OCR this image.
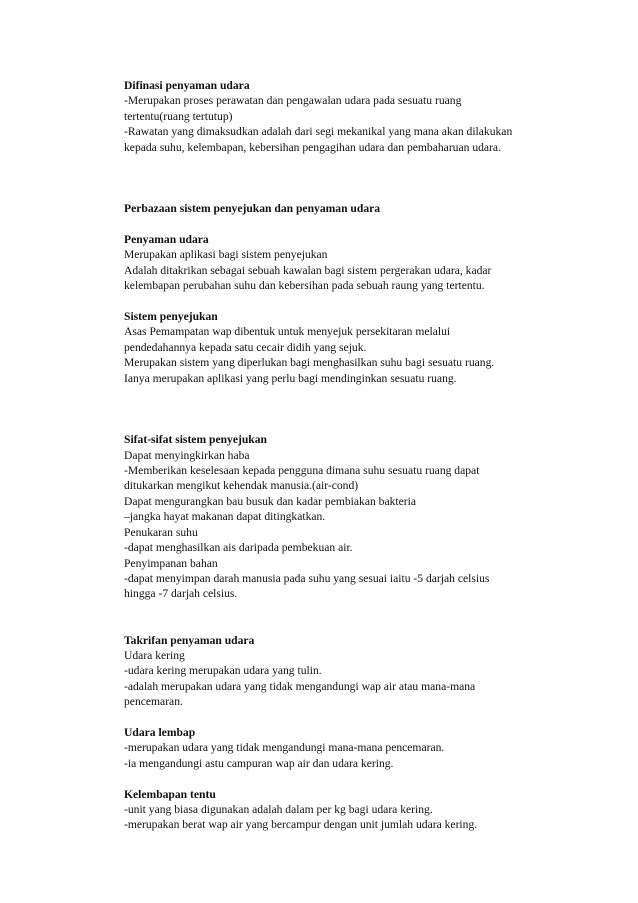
Difinasi penyaman udara

-Merupakan proses perawatan dan pengawalan udara pada sesuatu ruang

tertentu(ruang tertutup)

-Rawatan yang dimaksudkan adalah dari segi mekanikal yang mana akan dilakukan

kepada suhu, kelembapan, kebersihan pengagihan udara dan pembaharuan udara.

Perbazaan sistem penyejukan dan penyaman udara

Penyaman udara

Merupakan aplikasi bagi sistem penyejukan

Adalah ditakrikan sebagai sebuah kawalan bagi sistem pergerakan udara, kadar

kelembapan perubahan suhu dan kebersihan pada sebuah raung yang tertentu.

Sistem penyejukan

Asas Pemampatan wap dibentuk untuk menyejuk persekitaran melalui

pendedahannya kepada satu cecair didih yang sejuk.

Merupakan sistem yang diperlukan bagi menghasilkan suhu bagi sesuatu ruang.

Ianya merupakan aplikasi yang perlu bagi mendinginkan sesuatu ruang.

Sifat-sifat sistem penyejukan

Dapat menyingkirkan haba

-Memberikan keselesaan kepada pengguna dimana suhu sesuatu ruang dapat

ditukarkan mengikut kehendak manusia.(air-cond)

Dapat mengurangkan bau busuk dan kadar pembiakan bakteria

–jangka hayat makanan dapat ditingkatkan.

Penukaran suhu

-dapat menghasilkan ais daripada pembekuan air.

Penyimpanan bahan

-dapat menyimpan darah manusia pada suhu yang sesuai iaitu -5 darjah celsius

hingga -7 darjah celsius.

Takrifan penyaman udara

Udara kering

-udara kering merupakan udara yang tulin.

-adalah merupakan udara yang tidak mengandungi wap air atau mana-mana

pencemaran.

Udara lembap

-merupakan udara yang tidak mengandungi mana-mana pencemaran.

-ia mengandungi astu campuran wap air dan udara kering.

Kelembapan tentu

-unit yang biasa digunakan adalah dalam per kg bagi udara kering.

-merupakan berat wap air yang bercampur dengan unit jumlah udara kering.
